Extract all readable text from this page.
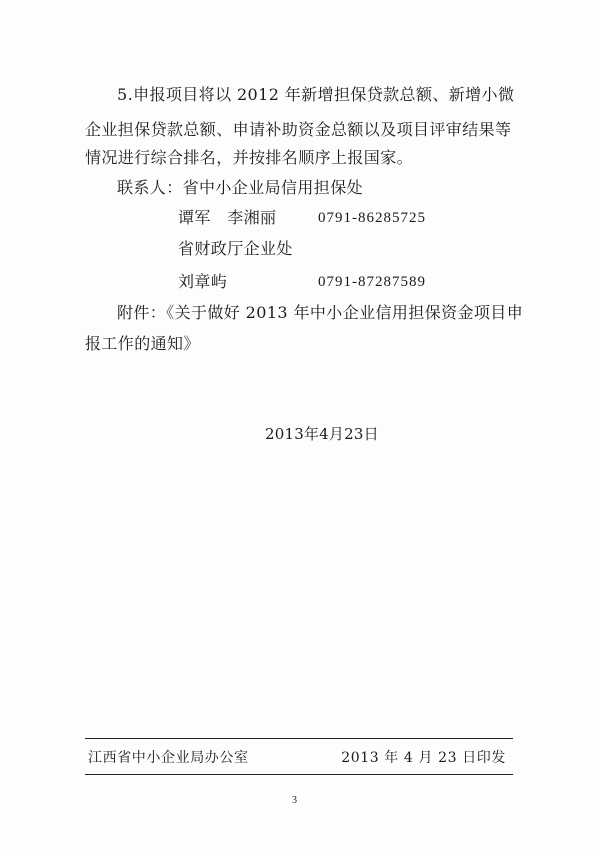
5.申报项目将以 2012 年新增担保贷款总额、新增小微
企业担保贷款总额、申请补助资金总额以及项目评审结果等
情况进行综合排名，并按排名顺序上报国家。
联系人：省中小企业局信用担保处
谭军　李湘丽	0791-86285725
省财政厅企业处
刘章屿	0791-87287589
附件：《关于做好 2013 年中小企业信用担保资金项目申
报工作的通知》
2013年4月23日
江西省中小企业局办公室	2013 年 4 月 23 日印发
3
